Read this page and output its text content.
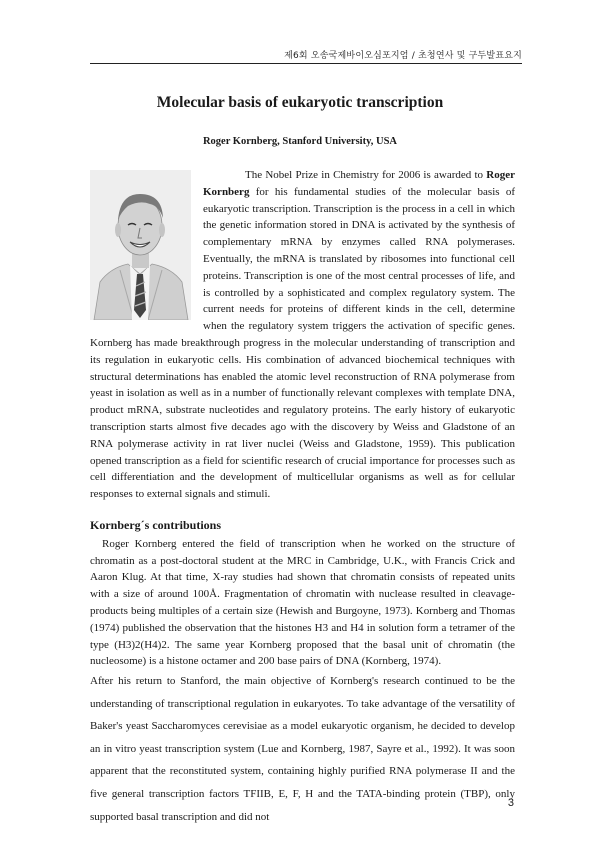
제6회 오송국제바이오심포지엄 / 초청연사 및 구두발표요지
Molecular basis of eukaryotic transcription
Roger Kornberg, Stanford University, USA

The Nobel Prize in Chemistry for 2006 is awarded to Roger Kornberg for his fundamental studies of the molecular basis of eukaryotic transcription. Transcription is the process in a cell in which the genetic information stored in DNA is activated by the synthesis of complementary mRNA by enzymes called RNA polymerases. Eventually, the mRNA is translated by ribosomes into functional cell proteins. Transcription is one of the most central processes of life, and is controlled by a sophisticated and complex regulatory system. The current needs for proteins of different kinds in the cell, determine when the regulatory system triggers the activation of specific genes. Kornberg has made breakthrough progress in the molecular understanding of transcription and its regulation in eukaryotic cells. His combination of advanced biochemical techniques with structural determinations has enabled the atomic level reconstruction of RNA polymerase from yeast in isolation as well as in a number of functionally relevant complexes with template DNA, product mRNA, substrate nucleotides and regulatory proteins. The early history of eukaryotic transcription starts almost five decades ago with the discovery by Weiss and Gladstone of an RNA polymerase activity in rat liver nuclei (Weiss and Gladstone, 1959). This publication opened transcription as a field for scientific research of crucial importance for processes such as cell differentiation and the development of multicellular organisms as well as for cellular responses to external signals and stimuli.

Kornberg´s contributions

Roger Kornberg entered the field of transcription when he worked on the structure of chromatin as a post-doctoral student at the MRC in Cambridge, U.K., with Francis Crick and Aaron Klug. At that time, X-ray studies had shown that chromatin consists of repeated units with a size of around 100Å. Fragmentation of chromatin with nuclease resulted in cleavage-products being multiples of a certain size (Hewish and Burgoyne, 1973). Kornberg and Thomas (1974) published the observation that the histones H3 and H4 in solution form a tetramer of the type (H3)2(H4)2. The same year Kornberg proposed that the basal unit of chromatin (the nucleosome) is a histone octamer and 200 base pairs of DNA (Kornberg, 1974).

After his return to Stanford, the main objective of Kornberg's research continued to be the understanding of transcriptional regulation in eukaryotes. To take advantage of the versatility of Baker's yeast Saccharomyces cerevisiae as a model eukaryotic organism, he decided to develop an in vitro yeast transcription system (Lue and Kornberg, 1987, Sayre et al., 1992). It was soon apparent that the reconstituted system, containing highly purified RNA polymerase II and the five general transcription factors TFIIB, E, F, H and the TATA-binding protein (TBP), only supported basal transcription and did not

3
